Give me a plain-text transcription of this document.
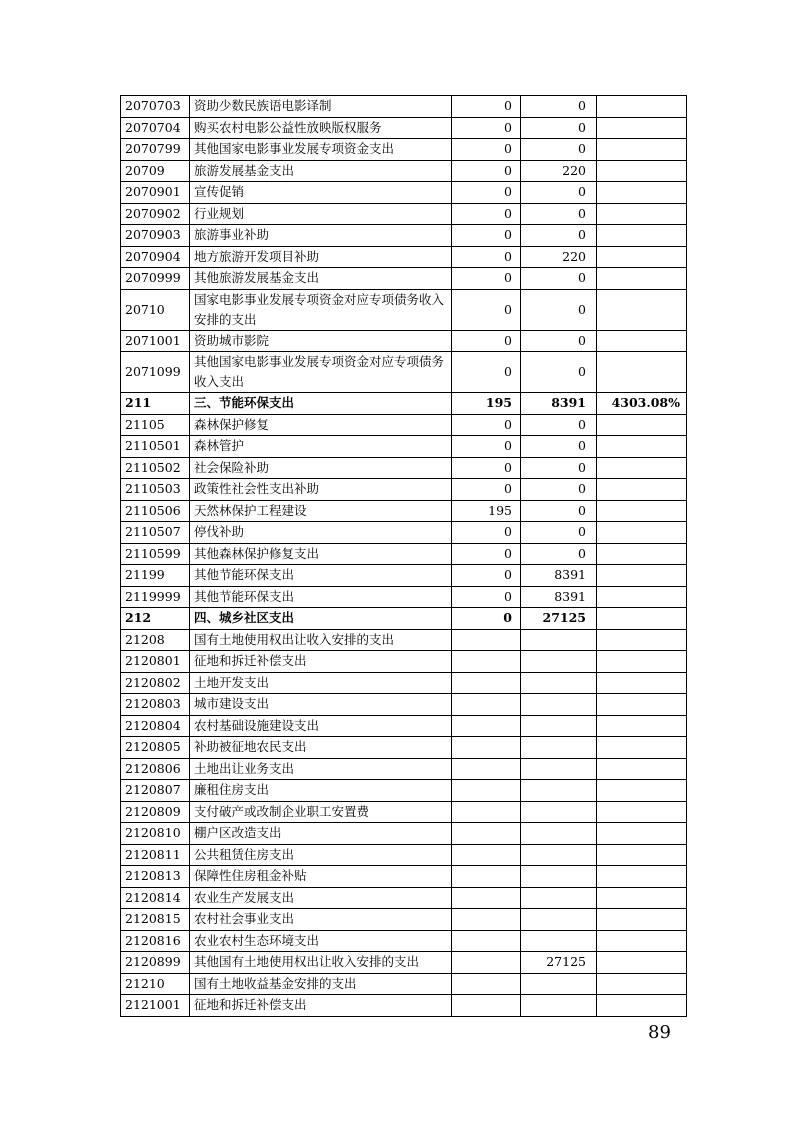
2070703	资助少数民族语电影译制	0	0	
2070704	购买农村电影公益性放映版权服务	0	0	
2070799	其他国家电影事业发展专项资金支出	0	0	
20709	旅游发展基金支出	0	220	
2070901	宣传促销	0	0	
2070902	行业规划	0	0	
2070903	旅游事业补助	0	0	
2070904	地方旅游开发项目补助	0	220	
2070999	其他旅游发展基金支出	0	0	
20710	国家电影事业发展专项资金对应专项债务收入安排的支出	0	0	
2071001	资助城市影院	0	0	
2071099	其他国家电影事业发展专项资金对应专项债务收入支出	0	0	
211	三、节能环保支出	195	8391	4303.08%
21105	森林保护修复	0	0	
2110501	森林管护	0	0	
2110502	社会保险补助	0	0	
2110503	政策性社会性支出补助	0	0	
2110506	天然林保护工程建设	195	0	
2110507	停伐补助	0	0	
2110599	其他森林保护修复支出	0	0	
21199	其他节能环保支出	0	8391	
2119999	其他节能环保支出	0	8391	
212	四、城乡社区支出	0	27125	
21208	国有土地使用权出让收入安排的支出			
2120801	征地和拆迁补偿支出			
2120802	土地开发支出			
2120803	城市建设支出			
2120804	农村基础设施建设支出			
2120805	补助被征地农民支出			
2120806	土地出让业务支出			
2120807	廉租住房支出			
2120809	支付破产或改制企业职工安置费			
2120810	棚户区改造支出			
2120811	公共租赁住房支出			
2120813	保障性住房租金补贴			
2120814	农业生产发展支出			
2120815	农村社会事业支出			
2120816	农业农村生态环境支出			
2120899	其他国有土地使用权出让收入安排的支出		27125	
21210	国有土地收益基金安排的支出			
2121001	征地和拆迁补偿支出			
89
